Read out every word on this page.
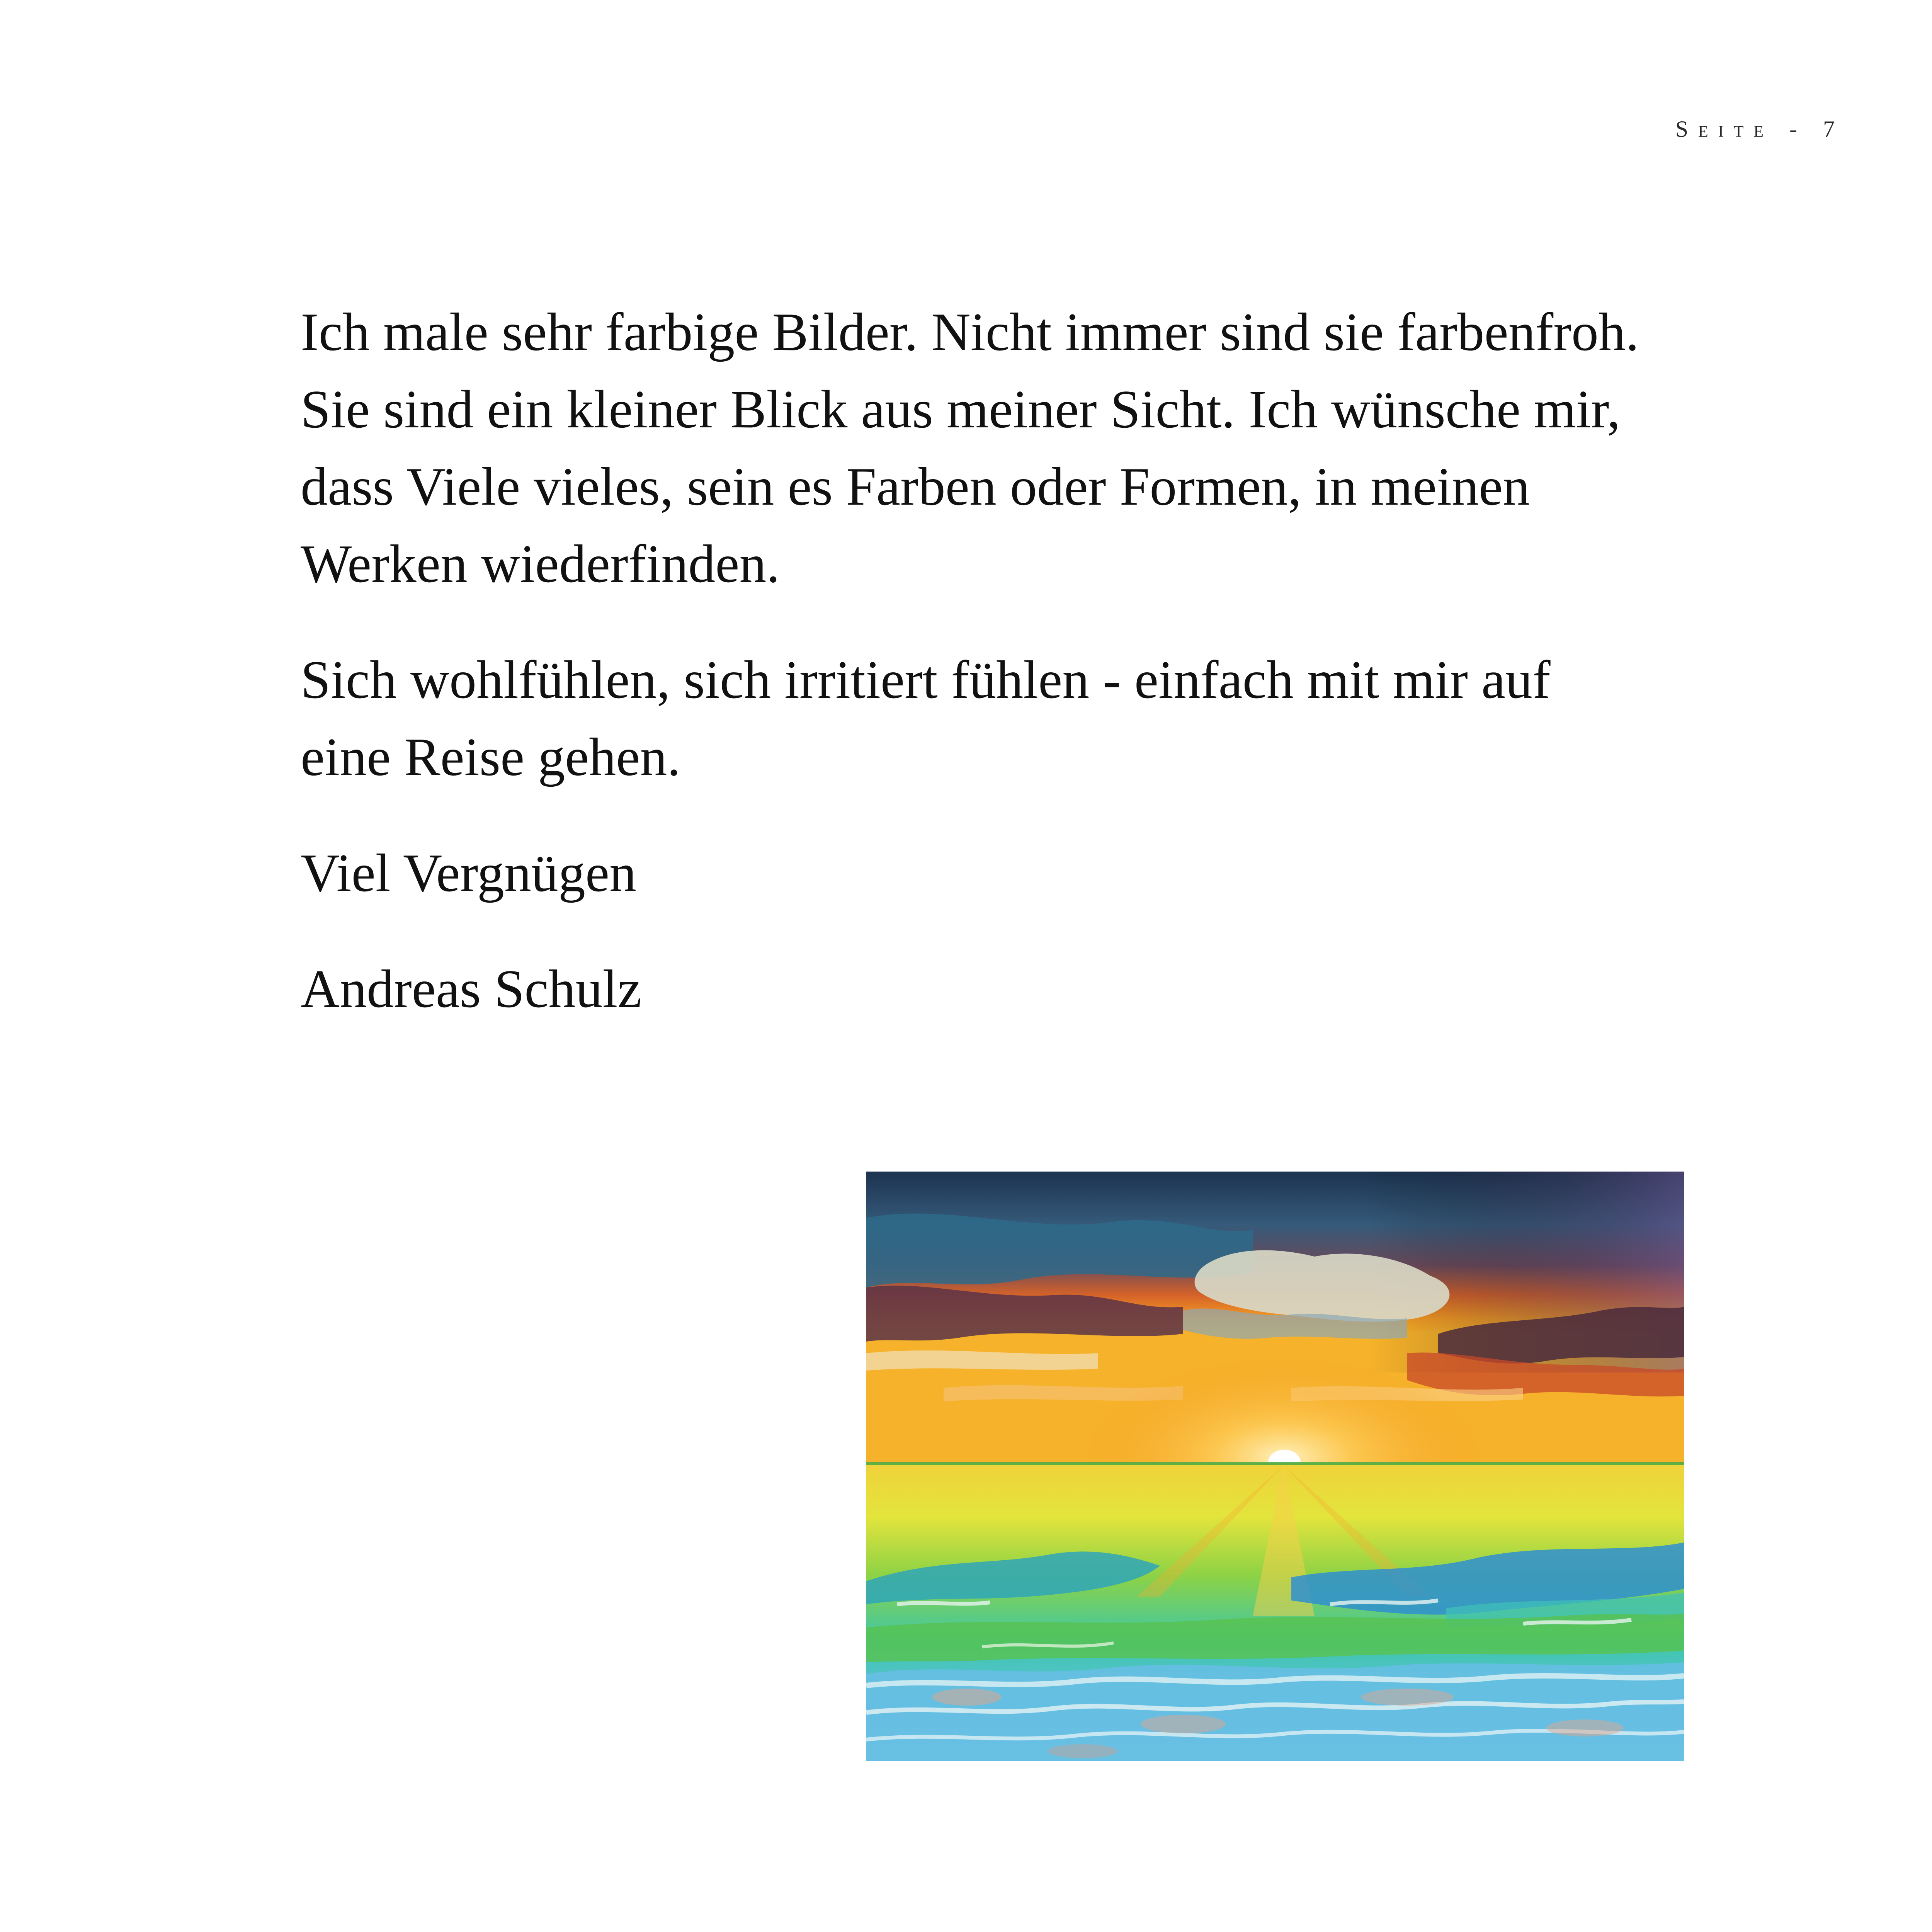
Seite - 7

Ich male sehr farbige Bilder. Nicht immer sind sie farbenfroh. Sie sind ein kleiner Blick aus meiner Sicht. Ich wünsche mir, dass Viele vieles, sein es Farben oder Formen, in meinen Werken wiederfinden.

Sich wohlfühlen, sich irritiert fühlen - einfach mit mir auf eine Reise gehen.

Viel Vergnügen

Andreas Schulz
